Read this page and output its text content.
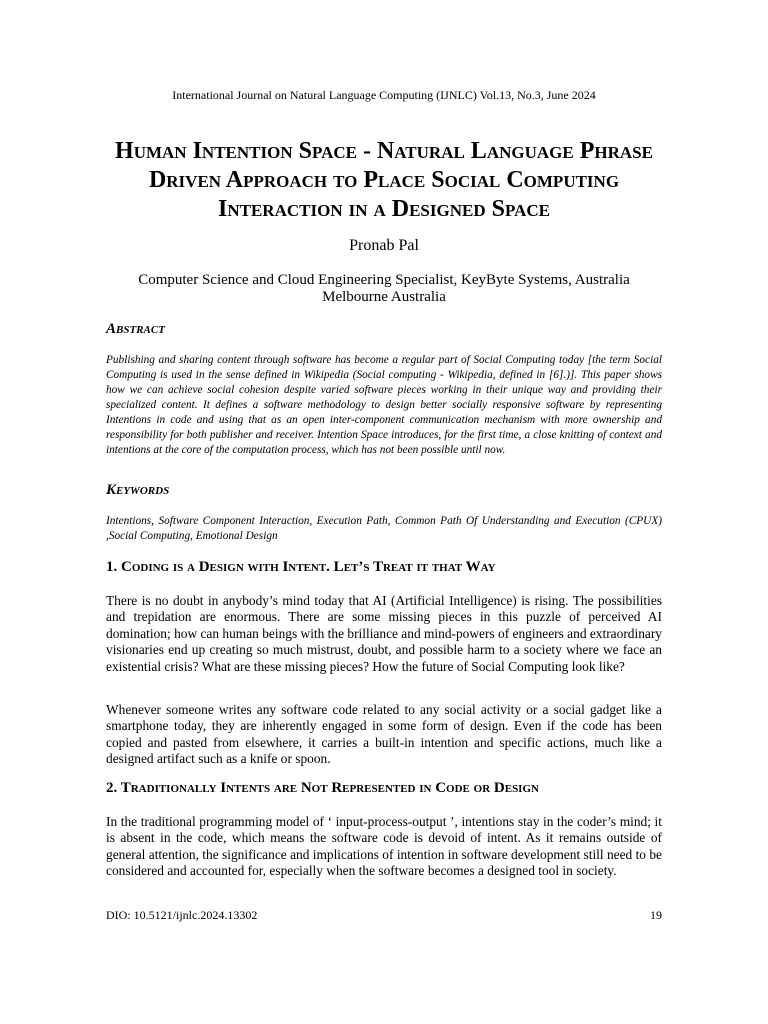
International Journal on Natural Language Computing (IJNLC) Vol.13, No.3, June 2024
Human Intention Space - Natural Language Phrase Driven Approach to Place Social Computing Interaction in a Designed Space
Pronab Pal
Computer Science and Cloud Engineering Specialist, KeyByte Systems, Australia
Melbourne Australia
Abstract

Publishing and sharing content through software has become a regular part of Social Computing today [the term Social Computing is used in the sense defined in Wikipedia (Social computing - Wikipedia, defined in [6].)]. This paper shows how we can achieve social cohesion despite varied software pieces working in their unique way and providing their specialized content. It defines a software methodology to design better socially responsive software by representing Intentions in code and using that as an open inter-component communication mechanism with more ownership and responsibility for both publisher and receiver. Intention Space introduces, for the first time, a close knitting of context and intentions at the core of the computation process, which has not been possible until now.

Keywords

Intentions, Software Component Interaction, Execution Path, Common Path Of Understanding and Execution (CPUX) ,Social Computing, Emotional Design

1. Coding is a Design with Intent. Let’s Treat it that Way

There is no doubt in anybody’s mind today that AI (Artificial Intelligence) is rising. The possibilities and trepidation are enormous. There are some missing pieces in this puzzle of perceived AI domination; how can human beings with the brilliance and mind-powers of engineers and extraordinary visionaries end up creating so much mistrust, doubt, and possible harm to a society where we face an existential crisis? What are these missing pieces? How the future of Social Computing look like?

Whenever someone writes any software code related to any social activity or a social gadget like a smartphone today, they are inherently engaged in some form of design. Even if the code has been copied and pasted from elsewhere, it carries a built-in intention and specific actions, much like a designed artifact such as a knife or spoon.

2. Traditionally Intents are Not Represented in Code or Design

In the traditional programming model of ‘ input-process-output ’, intentions stay in the coder’s mind; it is absent in the code, which means the software code is devoid of intent. As it remains outside of general attention, the significance and implications of intention in software development still need to be considered and accounted for, especially when the software becomes a designed tool in society.

DIO: 10.5121/ijnlc.2024.13302	19
